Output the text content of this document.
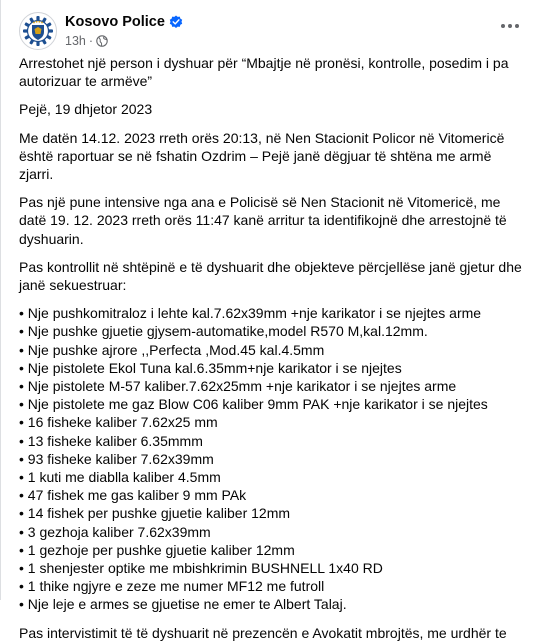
Kosovo Police
13h ·

Arrestohet një person i dyshuar për “Mbajtje në pronësi, kontrolle, posedim i pa autorizuar te armëve”

Pejë, 19 dhjetor 2023

Me datën 14.12. 2023 rreth orës 20:13, në Nen Stacionit Policor në Vitomericë është raportuar se në fshatin Ozdrim – Pejë janë dëgjuar të shtëna me armë zjarri.

Pas një pune intensive nga ana e Policisë së Nen Stacionit në Vitomericë, me datë 19. 12. 2023 rreth orës 11:47 kanë arritur ta identifikojnë dhe arrestojnë të dyshuarin.

Pas kontrollit në shtëpinë e të dyshuarit dhe objekteve përcjellëse janë gjetur dhe janë sekuestruar:

• Nje pushkomitraloz i lehte kal.7.62x39mm +nje karikator i se njejtes arme
• Nje pushke gjuetie gjysem-automatike,model R570 M,kal.12mm.
• Nje pushke ajrore ,,Perfecta ,Mod.45 kal.4.5mm
• Nje pistolete Ekol Tuna kal.6.35mm+nje karikator i se njejtes
• Nje pistolete M-57 kaliber.7.62x25mm +nje karikator i se njejtes arme
• Nje pistolete me gaz Blow C06 kaliber 9mm PAK +nje karikator i se njejtes
• 16 fisheke kaliber 7.62x25 mm
• 13 fisheke kaliber 6.35mmm
• 93 fisheke kaliber 7.62x39mm
• 1 kuti me diablla kaliber 4.5mm
• 47 fishek me gas kaliber 9 mm PAk
• 14 fishek per pushke gjuetie kaliber 12mm
• 3 gezhoja kaliber 7.62x39mm
• 1 gezhoje per pushke gjuetie kaliber 12mm
• 1 shenjester optike me mbishkrimin BUSHNELL 1x40 RD
• 1 thike ngjyre e zeze me numer MF12 me futroll
• Nje leje e armes se gjuetise ne emer te Albert Talaj.

Pas intervistimit të të dyshuarit në prezencën e Avokatit mbrojtës, me urdhër te
